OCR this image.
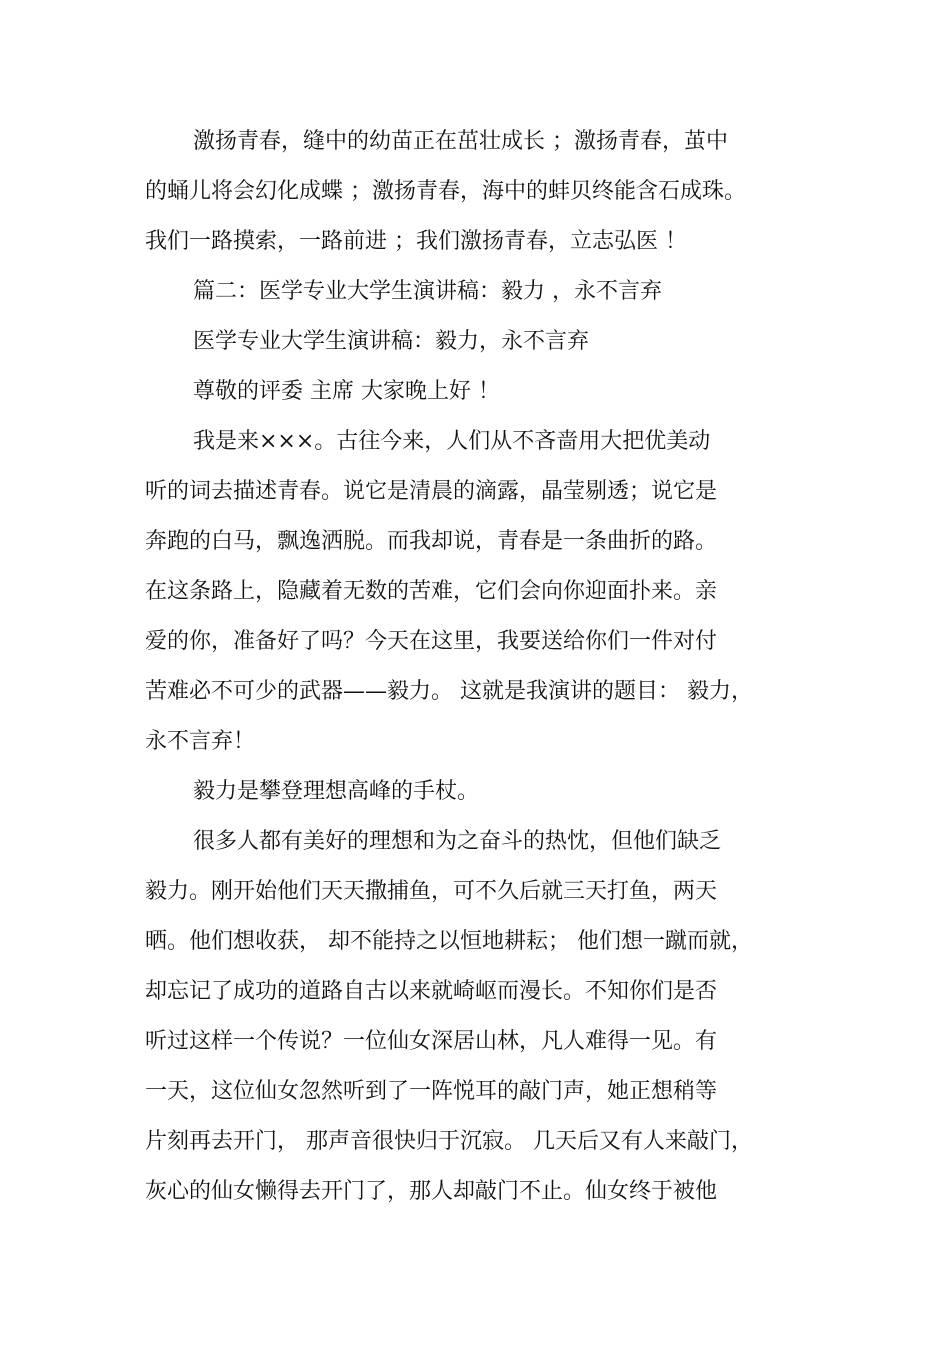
激扬青春，缝中的幼苗正在茁壮成长 ；激扬青春，茧中
的蛹儿将会幻化成蝶 ；激扬青春，海中的蚌贝终能含石成珠。
我们一路摸索，一路前进 ；我们激扬青春，立志弘医 ！
篇二：医学专业大学生演讲稿：毅力 ，永不言弃
医学专业大学生演讲稿：毅力，永不言弃
尊敬的评委 主席 大家晚上好 ！
我是来×××。古往今来，人们从不吝啬用大把优美动
听的词去描述青春。说它是清晨的滴露，晶莹剔透；说它是
奔跑的白马，飘逸洒脱。而我却说，青春是一条曲折的路。
在这条路上，隐藏着无数的苦难，它们会向你迎面扑来。亲
爱的你，准备好了吗？今天在这里，我要送给你们一件对付
苦难必不可少的武器——毅力。 这就是我演讲的题目： 毅力，
永不言弃！
毅力是攀登理想高峰的手杖。
很多人都有美好的理想和为之奋斗的热忱，但他们缺乏
毅力。刚开始他们天天撒捕鱼，可不久后就三天打鱼，两天
晒。他们想收获， 却不能持之以恒地耕耘； 他们想一蹴而就，
却忘记了成功的道路自古以来就崎岖而漫长。不知你们是否
听过这样一个传说？一位仙女深居山林，凡人难得一见。有
一天，这位仙女忽然听到了一阵悦耳的敲门声，她正想稍等
片刻再去开门， 那声音很快归于沉寂。 几天后又有人来敲门，
灰心的仙女懒得去开门了，那人却敲门不止。仙女终于被他
